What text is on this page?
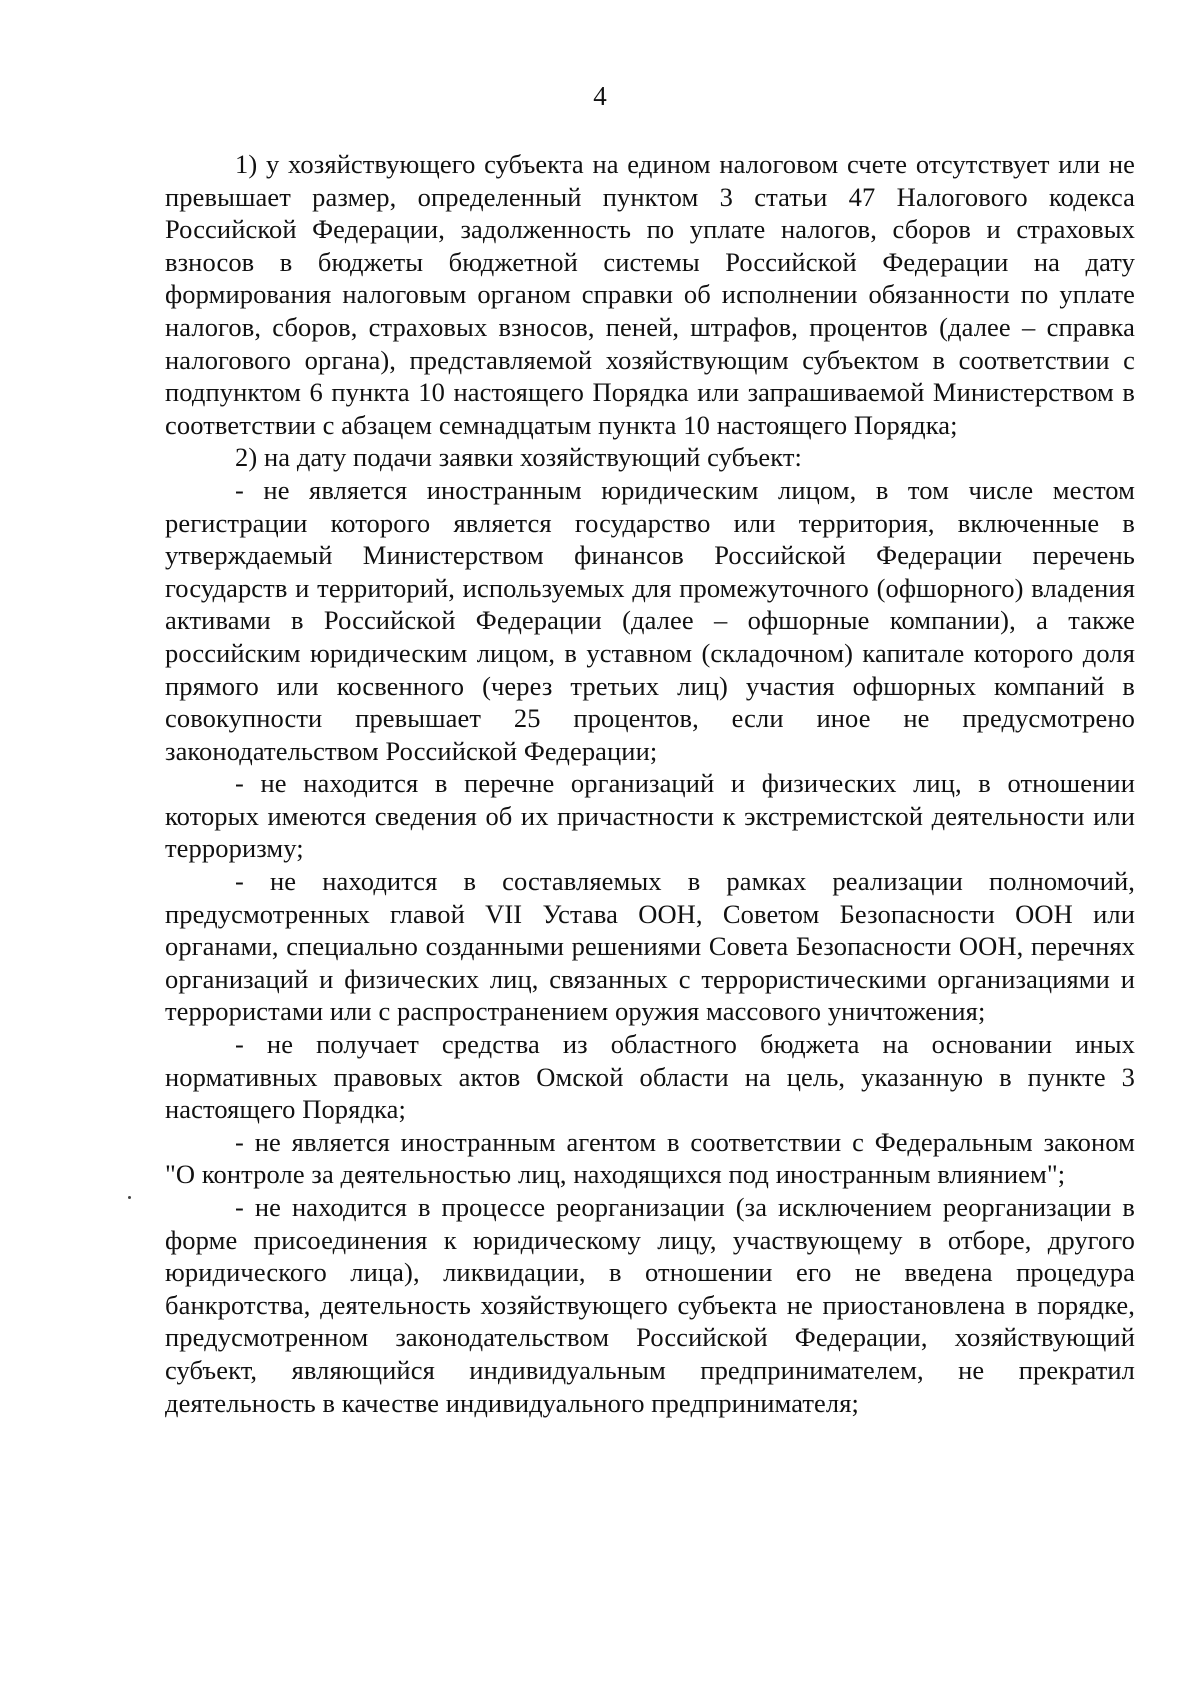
4

1) у хозяйствующего субъекта на едином налоговом счете отсутствует или не превышает размер, определенный пунктом 3 статьи 47 Налогового кодекса Российской Федерации, задолженность по уплате налогов, сборов и страховых взносов в бюджеты бюджетной системы Российской Федерации на дату формирования налоговым органом справки об исполнении обязанности по уплате налогов, сборов, страховых взносов, пеней, штрафов, процентов (далее – справка налогового органа), представляемой хозяйствующим субъектом в соответствии с подпунктом 6 пункта 10 настоящего Порядка или запрашиваемой Министерством в соответствии с абзацем семнадцатым пункта 10 настоящего Порядка;

2) на дату подачи заявки хозяйствующий субъект:

- не является иностранным юридическим лицом, в том числе местом регистрации которого является государство или территория, включенные в утверждаемый Министерством финансов Российской Федерации перечень государств и территорий, используемых для промежуточного (офшорного) владения активами в Российской Федерации (далее – офшорные компании), а также российским юридическим лицом, в уставном (складочном) капитале которого доля прямого или косвенного (через третьих лиц) участия офшорных компаний в совокупности превышает 25 процентов, если иное не предусмотрено законодательством Российской Федерации;

- не находится в перечне организаций и физических лиц, в отношении которых имеются сведения об их причастности к экстремистской деятельности или терроризму;

- не находится в составляемых в рамках реализации полномочий, предусмотренных главой VII Устава ООН, Советом Безопасности ООН или органами, специально созданными решениями Совета Безопасности ООН, перечнях организаций и физических лиц, связанных с террористическими организациями и террористами или с распространением оружия массового уничтожения;

- не получает средства из областного бюджета на основании иных нормативных правовых актов Омской области на цель, указанную в пункте 3 настоящего Порядка;

- не является иностранным агентом в соответствии с Федеральным законом "О контроле за деятельностью лиц, находящихся под иностранным влиянием";

- не находится в процессе реорганизации (за исключением реорганизации в форме присоединения к юридическому лицу, участвующему в отборе, другого юридического лица), ликвидации, в отношении его не введена процедура банкротства, деятельность хозяйствующего субъекта не приостановлена в порядке, предусмотренном законодательством Российской Федерации, хозяйствующий субъект, являющийся индивидуальным предпринимателем, не прекратил деятельность в качестве индивидуального предпринимателя;
